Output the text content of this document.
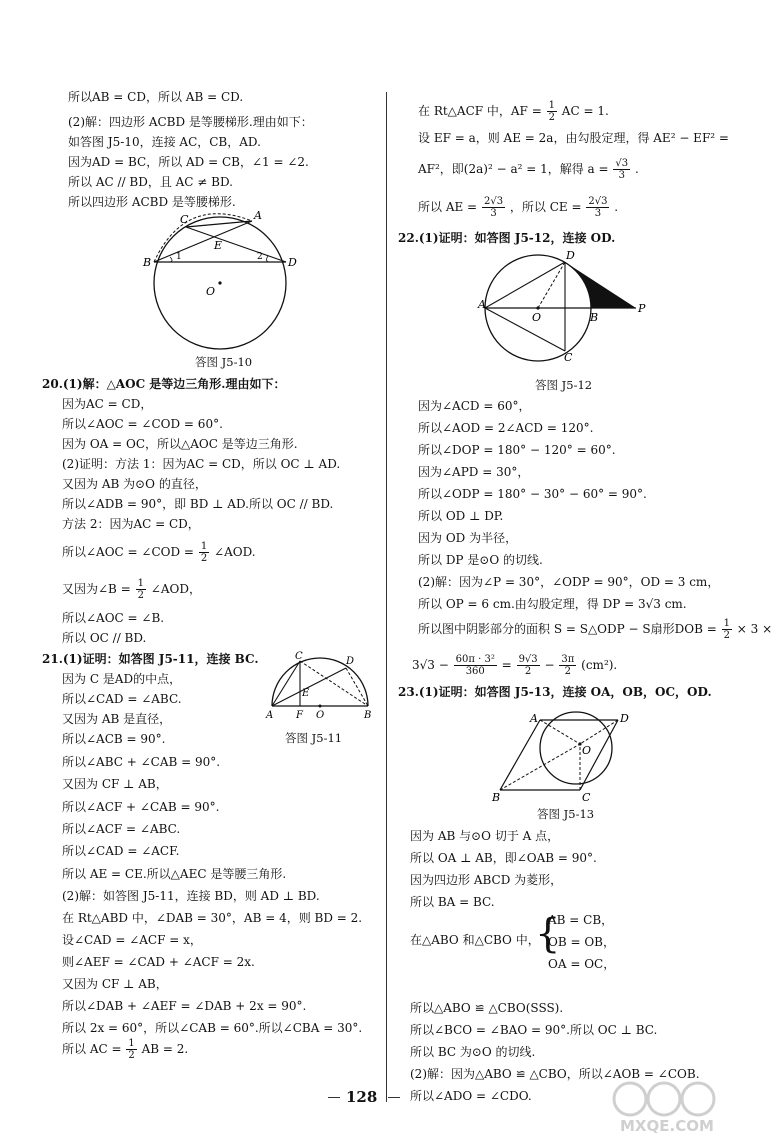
所以AB = CD，所以 AB = CD.
(2)解：四边形 ACBD 是等腰梯形.理由如下：
如答图 J5-10，连接 AC，CB，AD.
因为AD = BC，所以 AD = CB，∠1 = ∠2.
所以 AC // BD，且 AC ≠ BD.
所以四边形 ACBD 是等腰梯形.
C	A
E
B	D
O
1	2
答图 J5-10
20.(1)解：△AOC 是等边三角形.理由如下：
因为AC = CD，
所以∠AOC = ∠COD = 60°.
因为 OA = OC，所以△AOC 是等边三角形.
(2)证明：方法 1：因为AC = CD，所以 OC ⊥ AD.
又因为 AB 为⊙O 的直径，
所以∠ADB = 90°，即 BD ⊥ AD.所以 OC // BD.
方法 2：因为AC = CD，
所以∠AOC = ∠COD = $\frac{1}{2}$ ∠AOD.
又因为∠B = $\frac{1}{2}$ ∠AOD，
所以∠AOC = ∠B.
所以 OC // BD.
21.(1)证明：如答图 J5-11，连接 BC.
因为 C 是AD的中点，
所以∠CAD = ∠ABC.
又因为 AB 是直径，
所以∠ACB = 90°.
所以∠ABC + ∠CAB = 90°.
又因为 CF ⊥ AB，
所以∠ACF + ∠CAB = 90°.
所以∠ACF = ∠ABC.
所以∠CAD = ∠ACF.
所以 AE = CE.所以△AEC 是等腰三角形.
(2)解：如答图 J5-11，连接 BD，则 AD ⊥ BD.
在 Rt△ABD 中，∠DAB = 30°，AB = 4，则 BD = 2.
设∠CAD = ∠ACF = x，
则∠AEF = ∠CAD + ∠ACF = 2x.
又因为 CF ⊥ AB，
所以∠DAB + ∠AEF = ∠DAB + 2x = 90°.
所以 2x = 60°，所以∠CAB = 60°.所以∠CBA = 30°.
所以 AC = $\frac{1}{2}$ AB = 2.
C	D
E
A F O	B
答图 J5-11
在 Rt△ACF 中，AF = $\frac{1}{2}$ AC = 1.
设 EF = a，则 AE = 2a，由勾股定理，得 AE² − EF² =
AF²，即(2a)² − a² = 1，解得 $a = \frac{√3}{3}$ .
所以 AE = $\frac{2√3}{3}$ ，所以 CE = $\frac{2√3}{3}$ .
22.(1)证明：如答图 J5-12，连接 OD.
D
A
O	B
P
C
答图 J5-12
因为∠ACD = 60°，
所以∠AOD = 2∠ACD = 120°.
所以∠DOP = 180° − 120° = 60°.
因为∠APD = 30°，
所以∠ODP = 180° − 30° − 60° = 90°.
所以 OD ⊥ DP.
因为 OD 为半径，
所以 DP 是⊙O 的切线.
(2)解：因为∠P = 30°，∠ODP = 90°，OD = 3 cm，
所以 OP = 6 cm.由勾股定理，得 DP = 3√3 cm.
所以图中阴影部分的面积 S = S△ODP − S扇形DOB = $\frac{1}{2} \times 3$ ×
$3√3 - \frac{\text{60π · 3²}}{360} = \frac{9√3}{2} - \frac{3\pi}{2} (cm^2)$.
23.(1)证明：如答图 J5-13，连接 OA，OB，OC，OD.
A	D
O
B	C
答图 J5-13
因为 AB 与⊙O 切于 A 点，
所以 OA ⊥ AB，即∠OAB = 90°.
因为四边形 ABCD 为菱形，
所以 BA = BC.
在△ABO 和△CBO 中，
{
AB = CB，
OB = OB，
OA = OC，
所以△ABO ≌ △CBO(SSS).
所以∠BCO = ∠BAO = 90°.所以 OC ⊥ BC.
所以 BC 为⊙O 的切线.
(2)解：因为△ABO ≌ △CBO，所以∠AOB = ∠COB.
所以∠ADO = ∠CDO.
128
MXQE.COM
